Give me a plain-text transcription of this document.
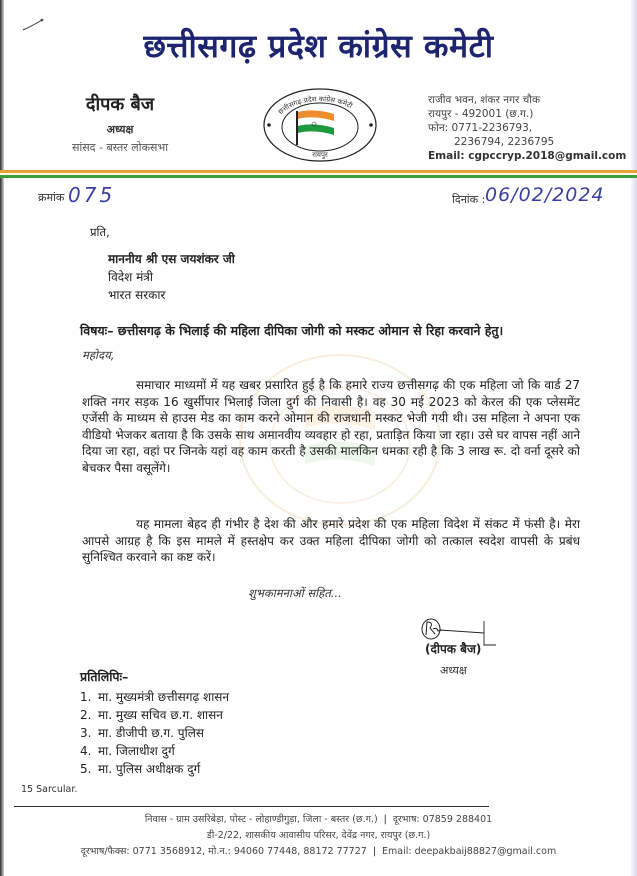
छत्तीसगढ़ प्रदेश कांग्रेस कमेटी
दीपक बैज
अध्यक्ष
सांसद - बस्तर लोकसभा
छत्तीसगढ़ प्रदेश कांग्रेस कमेटी
रायपुर
राजीव भवन, शंकर नगर चौक
रायपुर - 492001 (छ.ग.)
फोन: 0771-2236793,
2236794, 2236795
Email: cgpccryp.2018@gmail.com
क्रमांक 075	दिनांक : 06/02/2024
प्रति,
माननीय श्री एस जयशंकर जी
विदेश मंत्री
भारत सरकार
विषयः– छत्तीसगढ़ के भिलाई की महिला दीपिका जोगी को मस्कट ओमान से रिहा करवाने हेतु।
महोदय,
समाचार माध्यमों में यह खबर प्रसारित हुई है कि हमारे राज्य छत्तीसगढ़ की एक महिला जो कि वार्ड 27 शक्ति नगर सड़क 16 खुर्सीपार भिलाई जिला दुर्ग की निवासी है। वह 30 मई 2023 को केरल की एक प्लेसमेंट एजेंसी के माध्यम से हाउस मेड का काम करने ओमान की राजधानी मस्कट भेजी गयी थी। उस महिला ने अपना एक वीडियो भेजकर बताया है कि उसके साथ अमानवीय व्यवहार हो रहा, प्रताड़ित किया जा रहा। उसे घर वापस नहीं आने दिया जा रहा, वहां पर जिनके यहां वह काम करती है उसकी मालकिन धमका रही है कि 3 लाख रू. दो वर्ना दूसरे को बेचकर पैसा वसूलेंगे।
यह मामला बेहद ही गंभीर है देश की और हमारे प्रदेश की एक महिला विदेश में संकट में फंसी है। मेरा आपसे आग्रह है कि इस मामले में हस्तक्षेप कर उक्त महिला दीपिका जोगी को तत्काल स्वदेश वापसी के प्रबंध सुनिश्चित करवाने का कष्ट करें।
शुभकामनाओं सहित...
(दीपक बैज)
अध्यक्ष
प्रतिलिपिः–
1. मा. मुख्यमंत्री छत्तीसगढ़ शासन
2. मा. मुख्य सचिव छ.ग. शासन
3. मा. डीजीपी छ.ग. पुलिस
4. मा. जिलाधीश दुर्ग
5. मा. पुलिस अधीक्षक दुर्ग
15 Sarcular.
निवास - ग्राम उसरिबेड़ा, पोस्ट - लोहाण्डीगुड़ा, जिला - बस्तर (छ.ग.) | दूरभाष: 07859 288401
डी-2/22, शासकीय आवासीय परिसर, देवेंद्र नगर, रायपुर (छ.ग.)
दूरभाष/फैक्स: 0771 3568912, मो.न.: 94060 77448, 88172 77727 | Email: deepakbaij88827@gmail.com
